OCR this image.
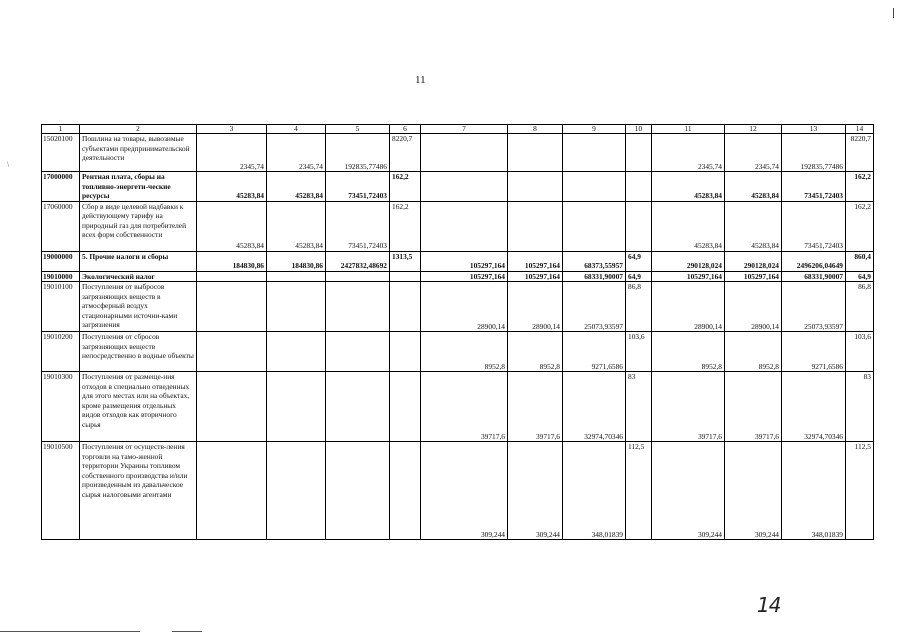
\
11
1	2	3	4	5	6	7	8	9	10	11	12	13	14
15020100	Пошлина на товары, вывозимые субъектами предпринимательской деятельности	2345,74	2345,74	192835,77486	8220,7					2345,74	2345,74	192835,77486	8220,7
17000000	Рентная плата, сборы на топливно-энергети-ческие ресурсы	45283,84	45283,84	73451,72403	162,2					45283,84	45283,84	73451,72403	162,2
17060000	Сбор в виде целевой надбавки к действующему тарифу на природный газ для потребителей всех форм собственности	45283,84	45283,84	73451,72403	162,2					45283,84	45283,84	73451,72403	162,2
19000000	5. Прочие налоги и сборы	184830,86	184830,86	2427832,48692	1313,5	105297,164	105297,164	68373,55957	64,9	290128,024	290128,024	2496206,04649	860,4
19010000	Экологический налог					105297,164	105297,164	68331,90007	64,9	105297,164	105297,164	68331,90007	64,9
19010100	Поступления от выбросов загрязняющих веществ в атмосферный воздух стационарными источни-ками загрязнения					28900,14	28900,14	25073,93597	86,8	28900,14	28900,14	25073,93597	86,8
19010200	Поступления от сбросов загрязняющих веществ непосредственно в водные объекты					8952,8	8952,8	9271,6586	103,6	8952,8	8952,8	9271,6586	103,6
19010300	Поступления от размеще-ния отходов в специально отведенных для этого местах или на объектах, кроме размещения отдельных видов отходов как вторичного сырья					39717,6	39717,6	32974,70346	83	39717,6	39717,6	32974,70346	83
19010500	Поступления от осуществ-ления торговли на тамо-женной территории Украины топливом собственного производства и/или произведенным из давальческое сырья налоговыми агентами					309,244	309,244	348,01839	112,5	309,244	309,244	348,01839	112,5
14
